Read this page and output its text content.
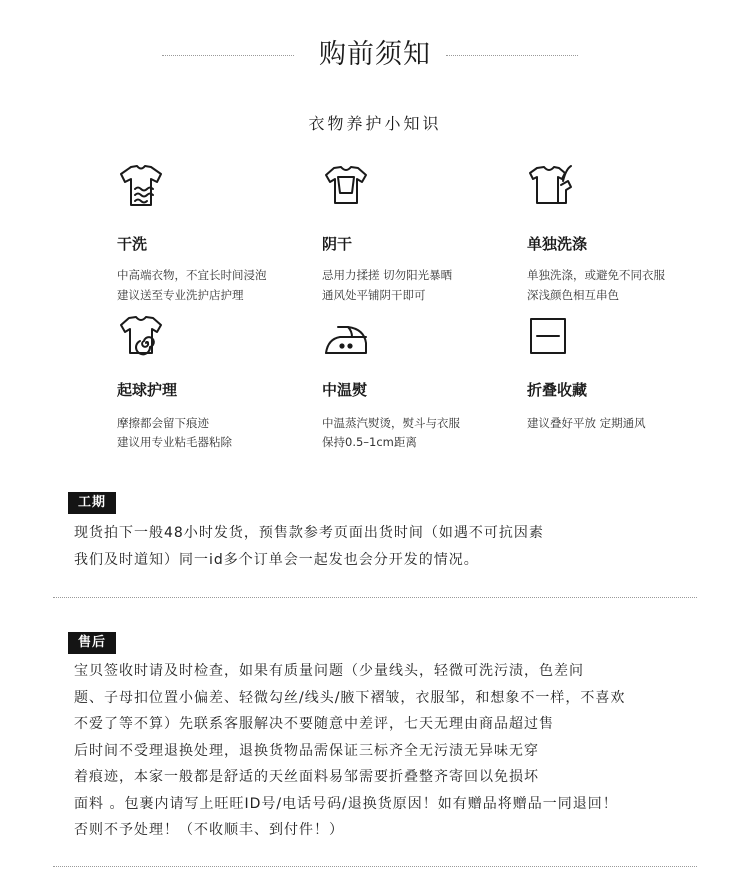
购前须知
衣物养护小知识
干洗
中高端衣物，不宜长时间浸泡
建议送至专业洗护店护理
阴干
忌用力揉搓 切勿阳光暴晒
通风处平铺阴干即可
单独洗涤
单独洗涤，或避免不同衣服
深浅颜色相互串色
起球护理
摩擦都会留下痕迹
建议用专业粘毛器粘除
中温熨
中温蒸汽熨烫，熨斗与衣服
保持0.5–1cm距离
折叠收藏
建议叠好平放 定期通风
工期
现货拍下一般48小时发货，预售款参考页面出货时间（如遇不可抗因素
我们及时道知）同一id多个订单会一起发也会分开发的情况。
售后
宝贝签收时请及时检查，如果有质量问题（少量线头，轻微可洗污渍，色差问
题、子母扣位置小偏差、轻微勾丝/线头/腋下褶皱，衣服邹，和想象不一样，不喜欢
不爱了等不算）先联系客服解决不要随意中差评，七天无理由商品超过售
后时间不受理退换处理，退换货物品需保证三标齐全无污渍无异味无穿
着痕迹，本家一般都是舒适的天丝面料易邹需要折叠整齐寄回以免损坏
面料 。包裹内请写上旺旺ID号/电话号码/退换货原因！如有赠品将赠品一同退回！
否则不予处理！（不收顺丰、到付件！）
